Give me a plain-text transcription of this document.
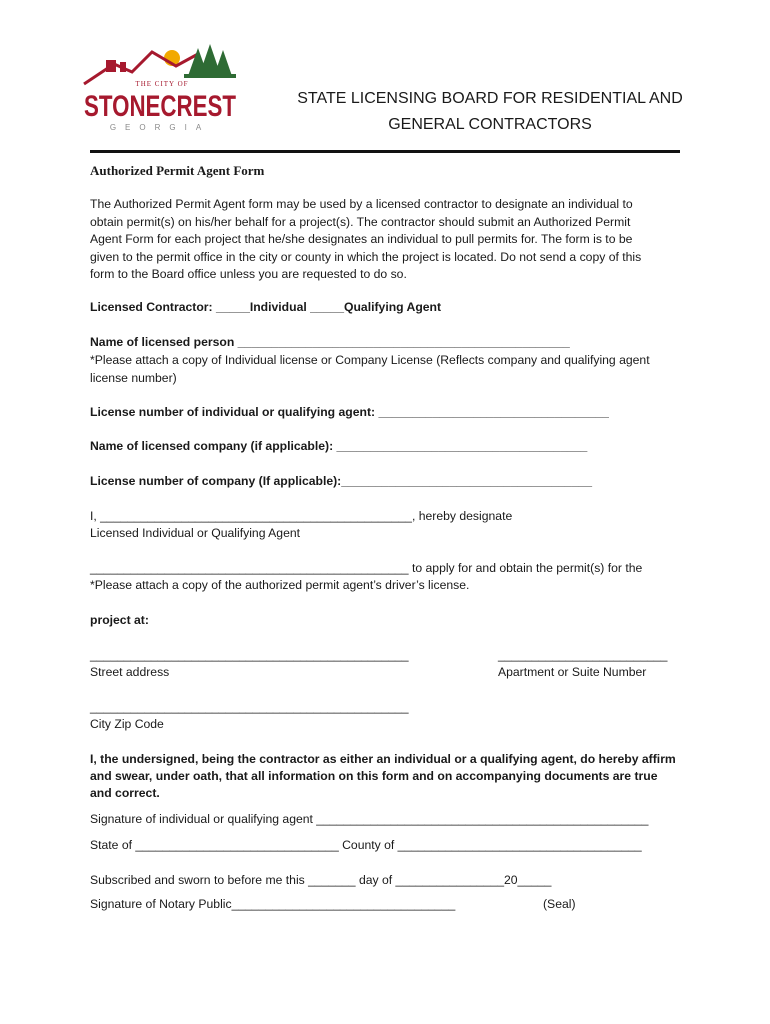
THE CITY OF
STONECREST
GEORGIA
STATE LICENSING BOARD FOR RESIDENTIAL AND
GENERAL CONTRACTORS
Authorized Permit Agent Form
The Authorized Permit Agent form may be used by a licensed contractor to designate an individual to
obtain permit(s) on his/her behalf for a project(s). The contractor should submit an Authorized Permit
Agent Form for each project that he/she designates an individual to pull permits for. The form is to be
given to the permit office in the city or county in which the project is located. Do not send a copy of this
form to the Board office unless you are requested to do so.
Licensed Contractor: _____Individual _____Qualifying Agent
Name of licensed person _________________________________________________
*Please attach a copy of Individual license or Company License (Reflects company and qualifying agent
license number)
License number of individual or qualifying agent: __________________________________
Name of licensed company (if applicable): _____________________________________
License number of company (If applicable):_____________________________________
I, ______________________________________________, hereby designate
Licensed Individual or Qualifying Agent
_______________________________________________ to apply for and obtain the permit(s) for the
*Please attach a copy of the authorized permit agent’s driver’s license.
project at:
_______________________________________________
Street address
_________________________
Apartment or Suite Number
_______________________________________________
City Zip Code
I, the undersigned, being the contractor as either an individual or a qualifying agent, do hereby affirm
and swear, under oath, that all information on this form and on accompanying documents are true
and correct.
Signature of individual or qualifying agent _________________________________________________
State of ______________________________ County of ____________________________________
Subscribed and sworn to before me this _______ day of ________________20_____
Signature of Notary Public_________________________________	(Seal)
